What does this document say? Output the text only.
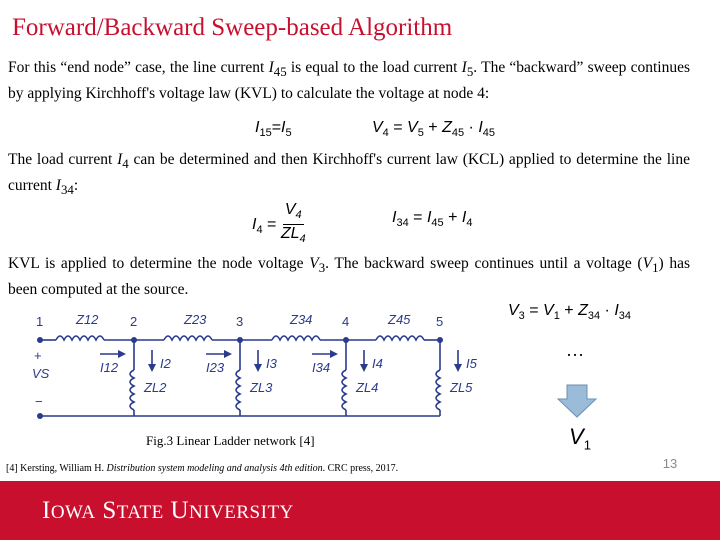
Forward/Backward Sweep-based Algorithm
For this “end node” case, the line current $I_{45}$ is equal to the load current $I_5$. The “backward” sweep continues by applying Kirchhoff's voltage law (KVL) to calculate the voltage at node 4:
$I_{15}=I_5$	$V_4 = V_5 + Z_{45} \cdot I_{45}$
The load current $I_4$ can be determined and then Kirchhoff's current law (KCL) applied to determine the line current $I_{34}$:
$I_4 = \frac{V_4}{ZL_4}$	$I_{34} = I_{45} + I_4$
KVL is applied to determine the node voltage $V_3$. The backward sweep continues until a voltage $(V_1)$ has been computed at the source.
$V_3 = V_1 + Z_{34} \cdot I_{34}$
1	2	3	4	5
Z12	Z23	Z34	Z45
I12	I23	I34
I2	I3	I4	I5
ZL2	ZL3	ZL4	ZL5
VS
+
−
…
$V_1$
Fig.3 Linear Ladder network [4]
[4] Kersting, William H. Distribution system modeling and analysis 4th edition. CRC press, 2017.	13
IOWA STATE UNIVERSITY
